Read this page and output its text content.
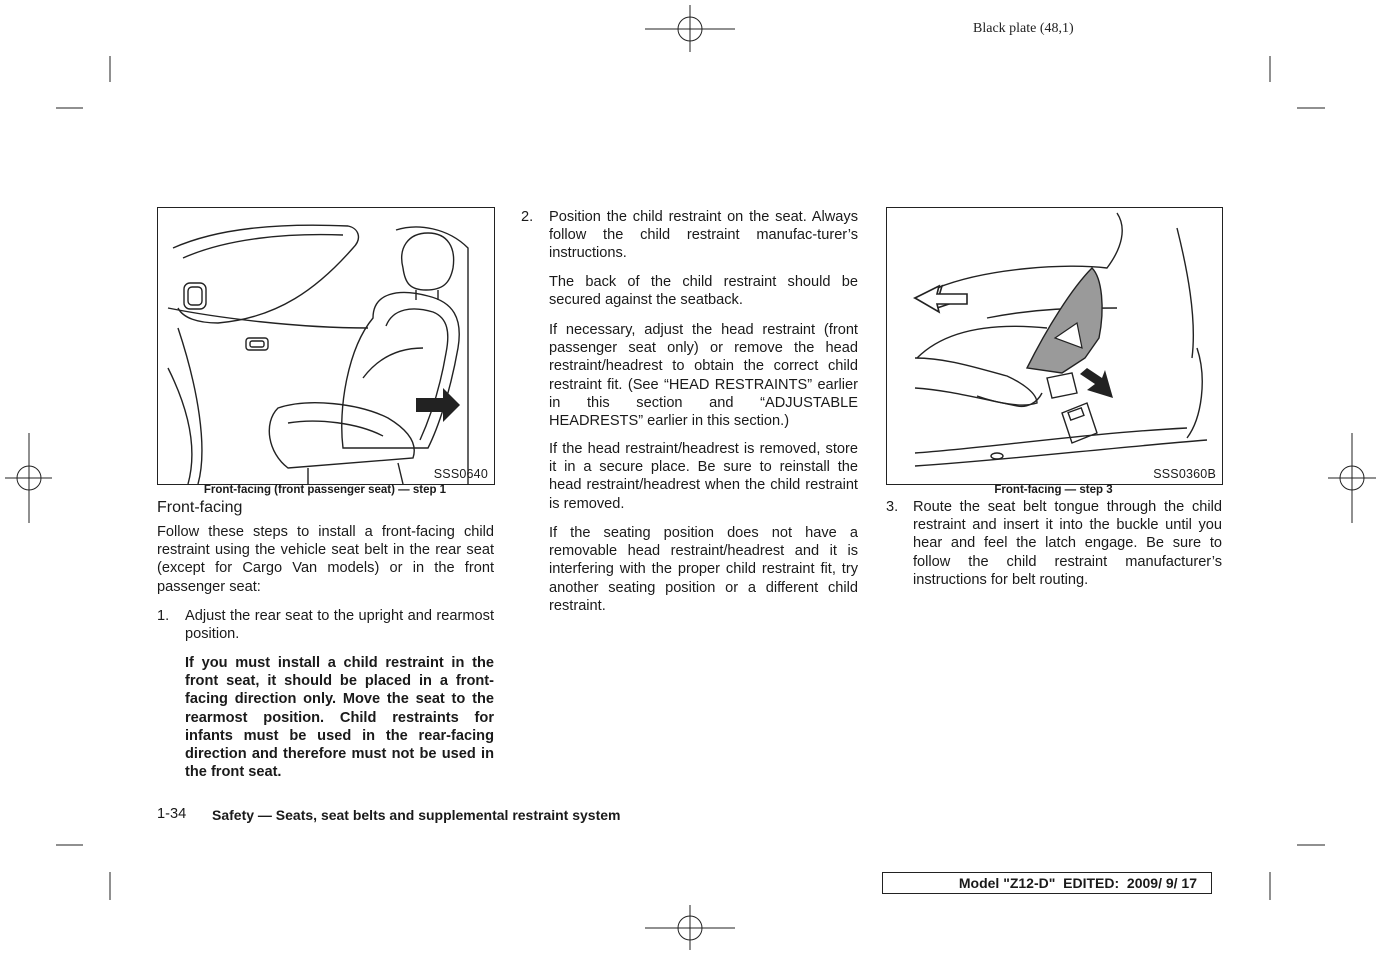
Black plate (48,1)
SSS0640
Front-facing (front passenger seat) — step 1
Front-facing
Follow these steps to install a front-facing child restraint using the vehicle seat belt in the rear seat (except for Cargo Van models) or in the front passenger seat:
1. Adjust the rear seat to the upright and rearmost position.
If you must install a child restraint in the front seat, it should be placed in a front-facing direction only. Move the seat to the rearmost position. Child restraints for infants must be used in the rear-facing direction and therefore must not be used in the front seat.
2. Position the child restraint on the seat. Always follow the child restraint manufac-turer’s instructions.
The back of the child restraint should be secured against the seatback.
If necessary, adjust the head restraint (front passenger seat only) or remove the head restraint/headrest to obtain the correct child restraint fit. (See “HEAD RESTRAINTS” earlier in this section and “ADJUSTABLE HEADRESTS” earlier in this section.)
If the head restraint/headrest is removed, store it in a secure place. Be sure to reinstall the head restraint/headrest when the child restraint is removed.
If the seating position does not have a removable head restraint/headrest and it is interfering with the proper child restraint fit, try another seating position or a different child restraint.
SSS0360B
Front-facing — step 3
3. Route the seat belt tongue through the child restraint and insert it into the buckle until you hear and feel the latch engage. Be sure to follow the child restraint manufacturer’s instructions for belt routing.
1-34 Safety — Seats, seat belts and supplemental restraint system
Model "Z12-D"  EDITED:  2009/ 9/ 17
